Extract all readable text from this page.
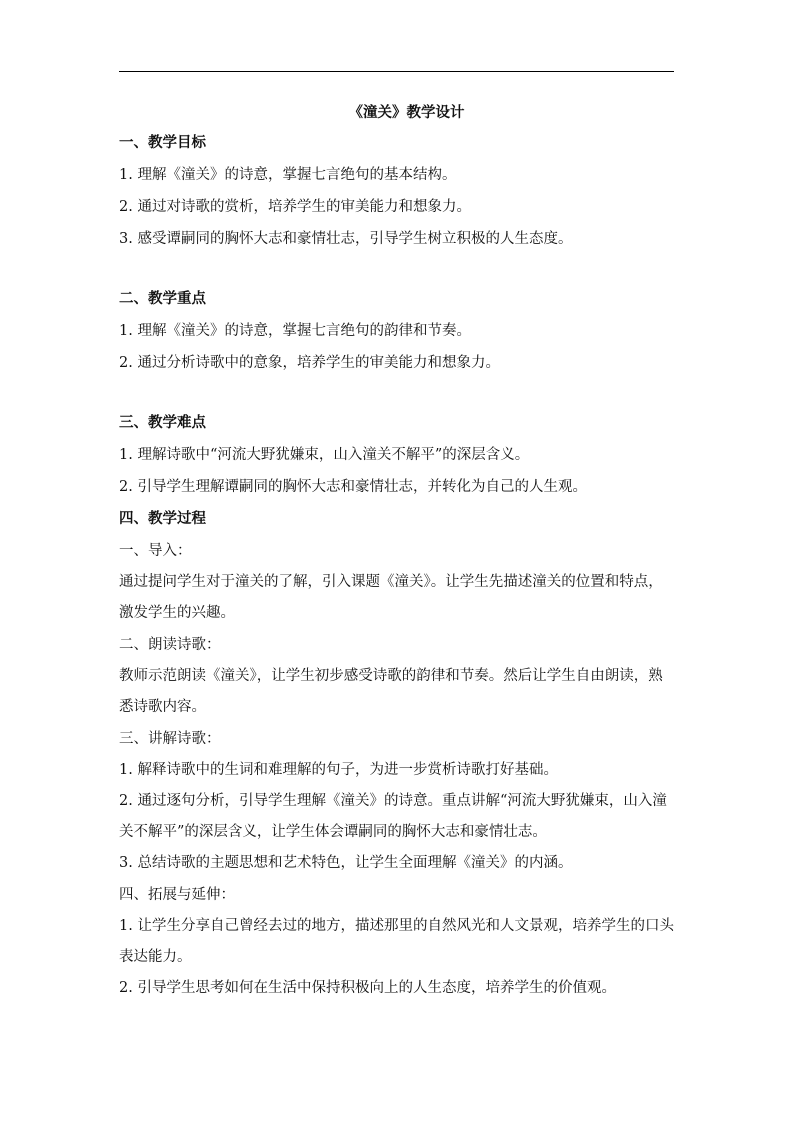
《潼关》教学设计

一、教学目标

1. 理解《潼关》的诗意，掌握七言绝句的基本结构。

2. 通过对诗歌的赏析，培养学生的审美能力和想象力。

3. 感受谭嗣同的胸怀大志和豪情壮志，引导学生树立积极的人生态度。

二、教学重点

1. 理解《潼关》的诗意，掌握七言绝句的韵律和节奏。

2. 通过分析诗歌中的意象，培养学生的审美能力和想象力。

三、教学难点

1. 理解诗歌中“河流大野犹嫌束，山入潼关不解平”的深层含义。

2. 引导学生理解谭嗣同的胸怀大志和豪情壮志，并转化为自己的人生观。

四、教学过程

一、导入：

通过提问学生对于潼关的了解，引入课题《潼关》。让学生先描述潼关的位置和特点，激发学生的兴趣。

二、朗读诗歌：

教师示范朗读《潼关》，让学生初步感受诗歌的韵律和节奏。然后让学生自由朗读，熟悉诗歌内容。

三、讲解诗歌：

1. 解释诗歌中的生词和难理解的句子，为进一步赏析诗歌打好基础。

2. 通过逐句分析，引导学生理解《潼关》的诗意。重点讲解“河流大野犹嫌束，山入潼关不解平”的深层含义，让学生体会谭嗣同的胸怀大志和豪情壮志。

3. 总结诗歌的主题思想和艺术特色，让学生全面理解《潼关》的内涵。

四、拓展与延伸：

1. 让学生分享自己曾经去过的地方，描述那里的自然风光和人文景观，培养学生的口头表达能力。

2. 引导学生思考如何在生活中保持积极向上的人生态度，培养学生的价值观。
